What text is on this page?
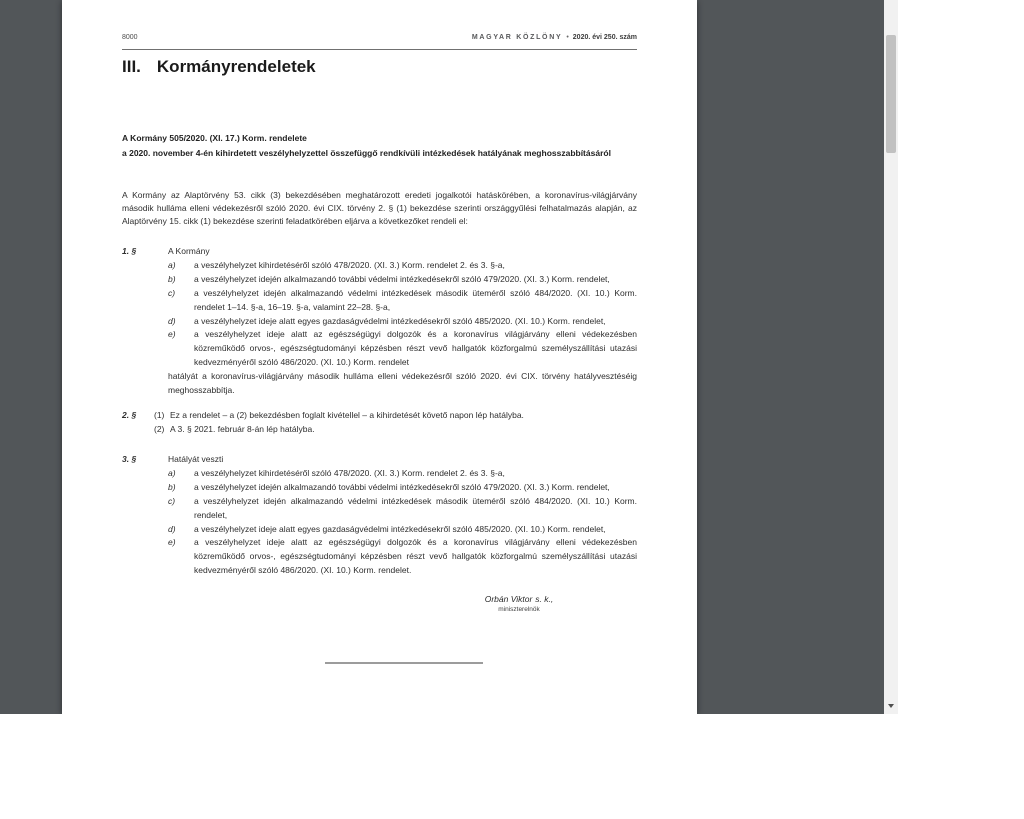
8000	MAGYAR KÖZLÖNY • 2020. évi 250. szám
III. Kormányrendeletek
A Kormány 505/2020. (XI. 17.) Korm. rendelete
a 2020. november 4-én kihirdetett veszélyhelyzettel összefüggő rendkívüli intézkedések hatályának meghosszabbításáról
A Kormány az Alaptörvény 53. cikk (3) bekezdésében meghatározott eredeti jogalkotói hatáskörében, a koronavírus-világjárvány második hulláma elleni védekezésről szóló 2020. évi CIX. törvény 2. § (1) bekezdése szerinti országgyűlési felhatalmazás alapján, az Alaptörvény 15. cikk (1) bekezdése szerinti feladatkörében eljárva a következőket rendeli el:
1. §	A Kormány
a)	a veszélyhelyzet kihirdetéséről szóló 478/2020. (XI. 3.) Korm. rendelet 2. és 3. §-a,
b)	a veszélyhelyzet idején alkalmazandó további védelmi intézkedésekről szóló 479/2020. (XI. 3.) Korm. rendelet,
c)	a veszélyhelyzet idején alkalmazandó védelmi intézkedések második üteméről szóló 484/2020. (XI. 10.) Korm. rendelet 1–14. §-a, 16–19. §-a, valamint 22–28. §-a,
d)	a veszélyhelyzet ideje alatt egyes gazdaságvédelmi intézkedésekről szóló 485/2020. (XI. 10.) Korm. rendelet,
e)	a veszélyhelyzet ideje alatt az egészségügyi dolgozók és a koronavírus világjárvány elleni védekezésben közreműködő orvos-, egészségtudományi képzésben részt vevő hallgatók közforgalmú személyszállítási utazási kedvezményéről szóló 486/2020. (XI. 10.) Korm. rendelet
hatályát a koronavírus-világjárvány második hulláma elleni védekezésről szóló 2020. évi CIX. törvény hatályvesztéséig meghosszabbítja.
2. §	(1) Ez a rendelet – a (2) bekezdésben foglalt kivétellel – a kihirdetését követő napon lép hatályba.
(2) A 3. § 2021. február 8-án lép hatályba.
3. §	Hatályát veszti
a)	a veszélyhelyzet kihirdetéséről szóló 478/2020. (XI. 3.) Korm. rendelet 2. és 3. §-a,
b)	a veszélyhelyzet idején alkalmazandó további védelmi intézkedésekről szóló 479/2020. (XI. 3.) Korm. rendelet,
c)	a veszélyhelyzet idején alkalmazandó védelmi intézkedések második üteméről szóló 484/2020. (XI. 10.) Korm. rendelet,
d)	a veszélyhelyzet ideje alatt egyes gazdaságvédelmi intézkedésekről szóló 485/2020. (XI. 10.) Korm. rendelet,
e)	a veszélyhelyzet ideje alatt az egészségügyi dolgozók és a koronavírus világjárvány elleni védekezésben közreműködő orvos-, egészségtudományi képzésben részt vevő hallgatók közforgalmú személyszállítási utazási kedvezményéről szóló 486/2020. (XI. 10.) Korm. rendelet.
Orbán Viktor s. k.,
miniszterelnök
